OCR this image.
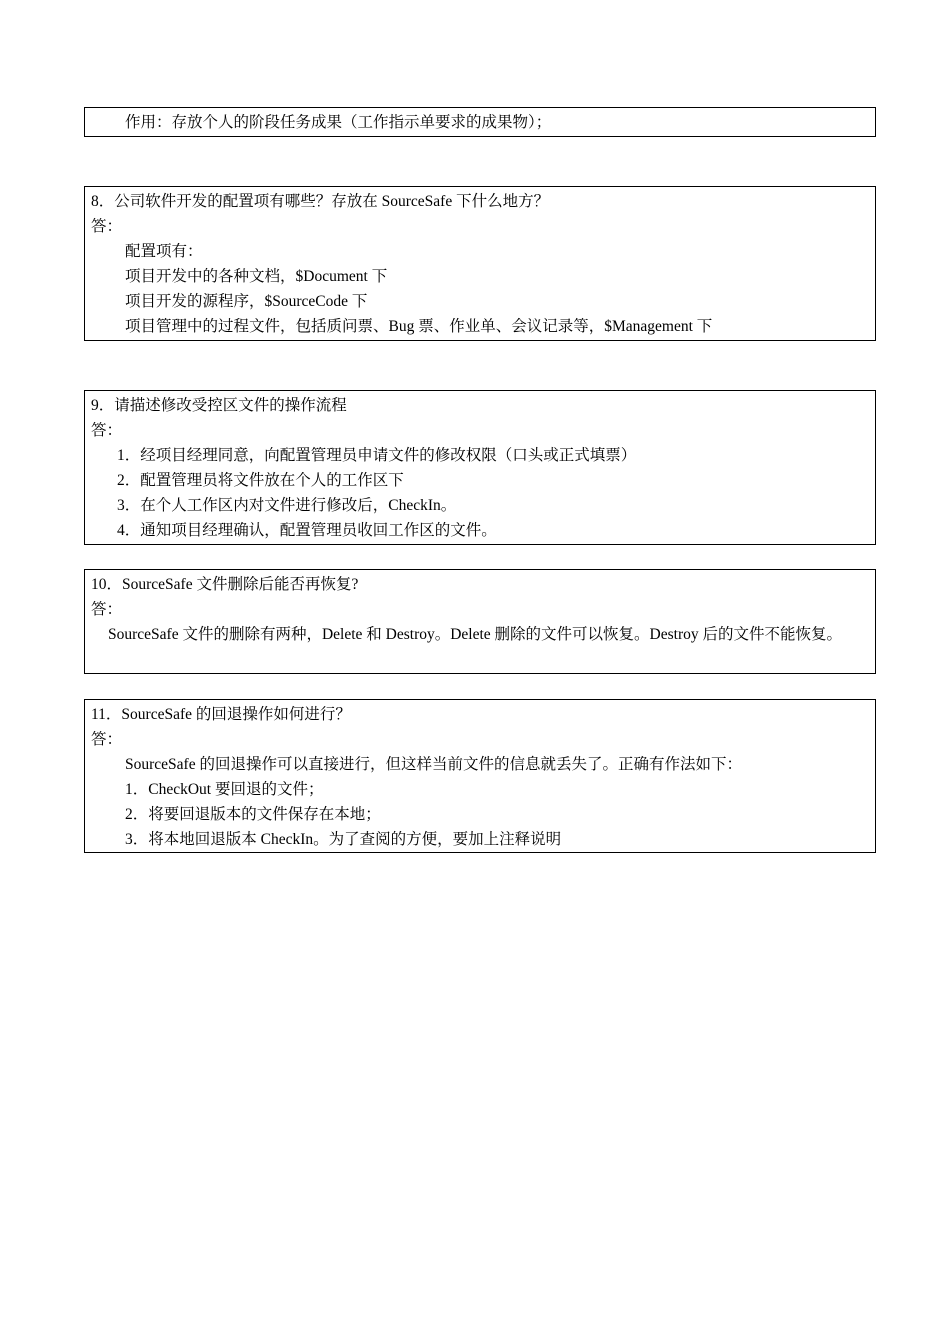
作用：存放个人的阶段任务成果（工作指示单要求的成果物）；
8．公司软件开发的配置项有哪些？存放在 SourceSafe 下什么地方？
答：
配置项有：
项目开发中的各种文档，$Document 下
项目开发的源程序，$SourceCode 下
项目管理中的过程文件，包括质问票、Bug 票、作业单、会议记录等，$Management 下
9．请描述修改受控区文件的操作流程
答：
1．经项目经理同意，向配置管理员申请文件的修改权限（口头或正式填票）
2．配置管理员将文件放在个人的工作区下
3．在个人工作区内对文件进行修改后，CheckIn。
4．通知项目经理确认，配置管理员收回工作区的文件。
10．SourceSafe 文件删除后能否再恢复?
答：
SourceSafe 文件的删除有两种，Delete 和 Destroy。Delete 删除的文件可以恢复。Destroy 后的文件不能恢复。
11．SourceSafe 的回退操作如何进行？
答：
SourceSafe 的回退操作可以直接进行，但这样当前文件的信息就丢失了。正确有作法如下：
1．CheckOut 要回退的文件；
2．将要回退版本的文件保存在本地；
3．将本地回退版本 CheckIn。为了查阅的方便，要加上注释说明
